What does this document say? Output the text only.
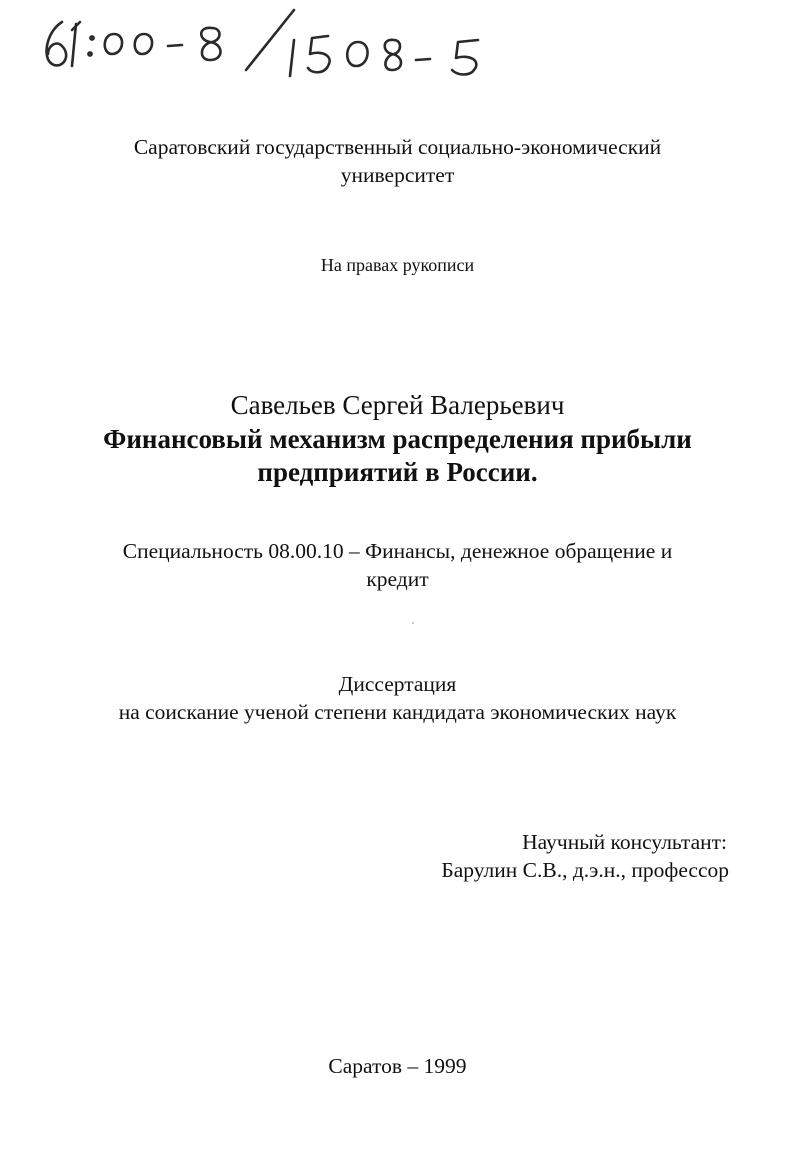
Саратовский государственный социально-экономический
университет
На правах рукописи
Савельев Сергей Валерьевич
Финансовый механизм распределения прибыли
предприятий в России.
Специальность 08.00.10 – Финансы, денежное обращение и
кредит
Диссертация
на соискание ученой степени кандидата экономических наук
Научный консультант:
Барулин С.В., д.э.н., профессор
Саратов – 1999
